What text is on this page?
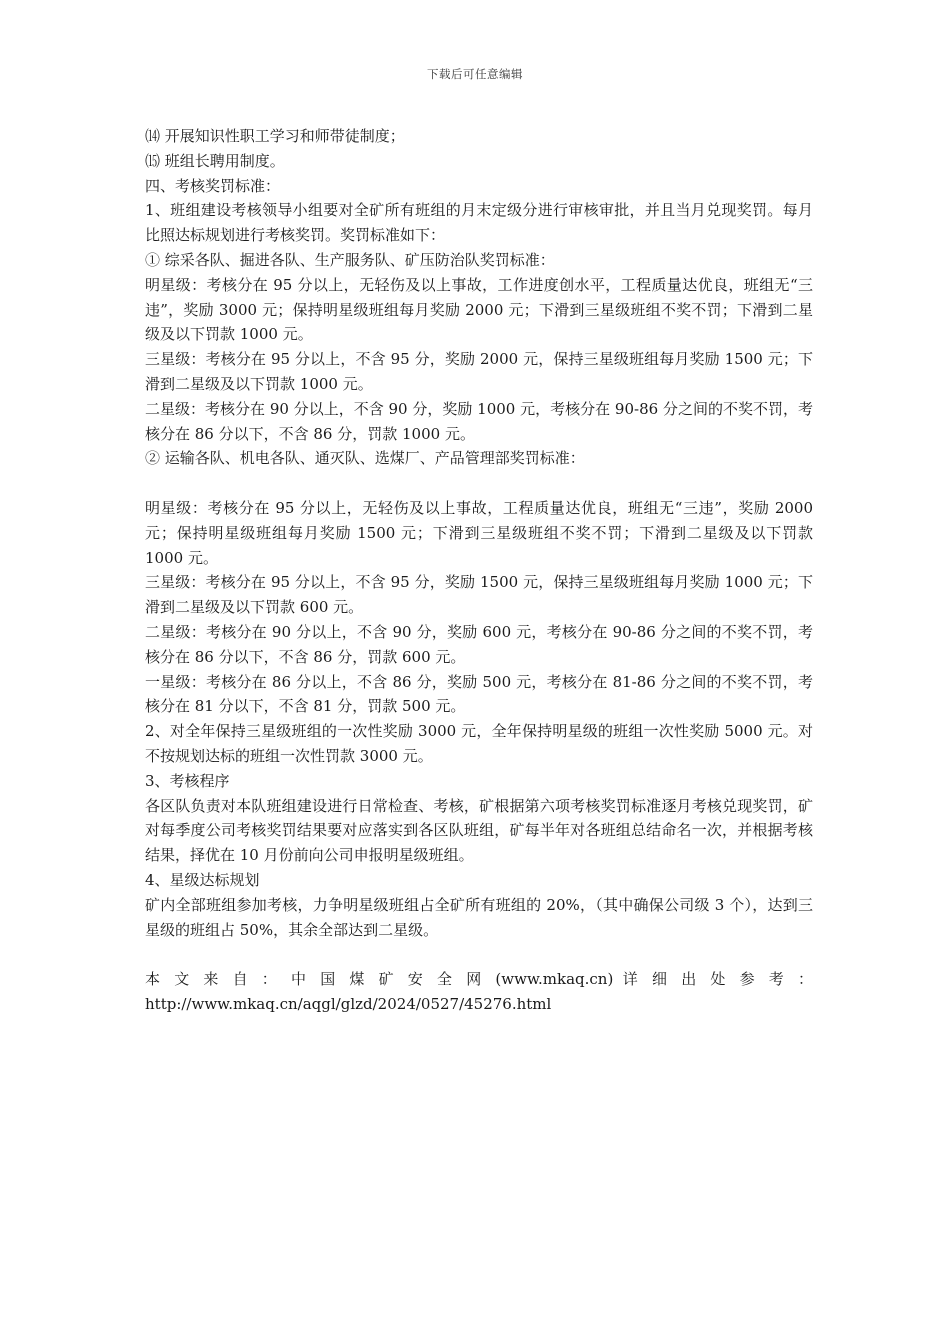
下载后可任意编辑

⒁ 开展知识性职工学习和师带徒制度；

⒂ 班组长聘用制度。

四、考核奖罚标准：

1、班组建设考核领导小组要对全矿所有班组的月末定级分进行审核审批，并且当月兑现奖罚。每月比照达标规划进行考核奖罚。奖罚标准如下：

① 综采各队、掘进各队、生产服务队、矿压防治队奖罚标准：

明星级：考核分在 95 分以上，无轻伤及以上事故，工作进度创水平，工程质量达优良，班组无“三违”，奖励 3000 元；保持明星级班组每月奖励 2000 元；下滑到三星级班组不奖不罚；下滑到二星级及以下罚款 1000 元。

三星级：考核分在 95 分以上，不含 95 分，奖励 2000 元，保持三星级班组每月奖励 1500 元；下滑到二星级及以下罚款 1000 元。

二星级：考核分在 90 分以上，不含 90 分，奖励 1000 元，考核分在 90-86 分之间的不奖不罚，考核分在 86 分以下，不含 86 分，罚款 1000 元。

② 运输各队、机电各队、通灭队、选煤厂、产品管理部奖罚标准：

明星级：考核分在 95 分以上，无轻伤及以上事故，工程质量达优良，班组无“三违”，奖励 2000 元；保持明星级班组每月奖励 1500 元；下滑到三星级班组不奖不罚；下滑到二星级及以下罚款 1000 元。

三星级：考核分在 95 分以上，不含 95 分，奖励 1500 元，保持三星级班组每月奖励 1000 元；下滑到二星级及以下罚款 600 元。

二星级：考核分在 90 分以上，不含 90 分，奖励 600 元，考核分在 90-86 分之间的不奖不罚，考核分在 86 分以下，不含 86 分，罚款 600 元。

一星级：考核分在 86 分以上，不含 86 分，奖励 500 元，考核分在 81-86 分之间的不奖不罚，考核分在 81 分以下，不含 81 分，罚款 500 元。

2、对全年保持三星级班组的一次性奖励 3000 元，全年保持明星级的班组一次性奖励 5000 元。对不按规划达标的班组一次性罚款 3000 元。

3、考核程序

各区队负责对本队班组建设进行日常检查、考核，矿根据第六项考核奖罚标准逐月考核兑现奖罚，矿对每季度公司考核奖罚结果要对应落实到各区队班组，矿每半年对各班组总结命名一次，并根据考核结果，择优在 10 月份前向公司申报明星级班组。

4、星级达标规划

矿内全部班组参加考核，力争明星级班组占全矿所有班组的 20%，（其中确保公司级 3 个），达到三星级的班组占 50%，其余全部达到二星级。

本 文 来 自 ： 中 国 煤 矿 安 全 网 (www.mkaq.cn) 详 细 出 处 参 考 ：

http://www.mkaq.cn/aqgl/glzd/2024/0527/45276.html
